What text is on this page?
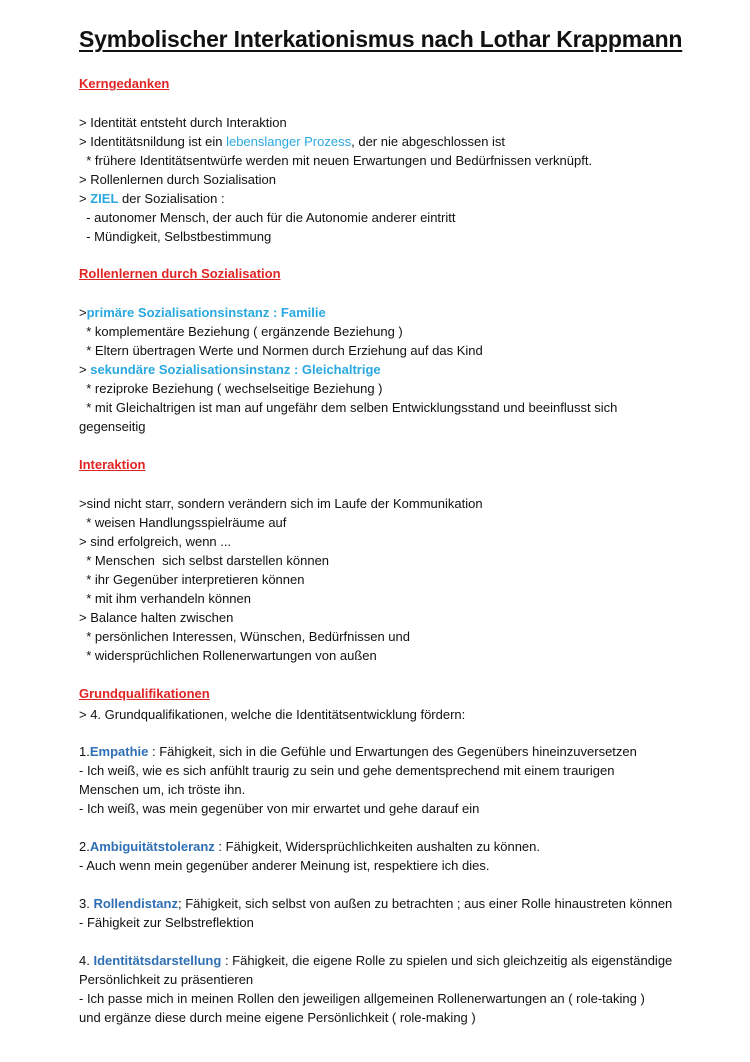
Symbolischer Interkationismus nach Lothar Krappmann
Kerngedanken
> Identität entsteht durch Interaktion
> Identitätsnildung ist ein lebenslanger Prozess, der nie abgeschlossen ist
* frühere Identitätsentwürfe werden mit neuen Erwartungen und Bedürfnissen verknüpft.
> Rollenlernen durch Sozialisation
> ZIEL der Sozialisation :
- autonomer Mensch, der auch für die Autonomie anderer eintritt
- Mündigkeit, Selbstbestimmung
Rollenlernen durch Sozialisation
>primäre Sozialisationsinstanz : Familie
* komplementäre Beziehung ( ergänzende Beziehung )
* Eltern übertragen Werte und Normen durch Erziehung auf das Kind
> sekundäre Sozialisationsinstanz : Gleichaltrige
* reziproke Beziehung ( wechselseitige Beziehung )
* mit Gleichaltrigen ist man auf ungefähr dem selben Entwicklungsstand und beeinflusst sich
gegenseitig
Interaktion
>sind nicht starr, sondern verändern sich im Laufe der Kommunikation
* weisen Handlungsspielräume auf
> sind erfolgreich, wenn ...
* Menschen  sich selbst darstellen können
* ihr Gegenüber interpretieren können
* mit ihm verhandeln können
> Balance halten zwischen
* persönlichen Interessen, Wünschen, Bedürfnissen und
* widersprüchlichen Rollenerwartungen von außen
Grundqualifikationen
> 4. Grundqualifikationen, welche die Identitätsentwicklung fördern:
1.Empathie : Fähigkeit, sich in die Gefühle und Erwartungen des Gegenübers hineinzuversetzen
- Ich weiß, wie es sich anfühlt traurig zu sein und gehe dementsprechend mit einem traurigen
Menschen um, ich tröste ihn.
- Ich weiß, was mein gegenüber von mir erwartet und gehe darauf ein
2.Ambiguitätstoleranz : Fähigkeit, Widersprüchlichkeiten aushalten zu können.
- Auch wenn mein gegenüber anderer Meinung ist, respektiere ich dies.
3. Rollendistanz; Fähigkeit, sich selbst von außen zu betrachten ; aus einer Rolle hinaustreten können
- Fähigkeit zur Selbstreflektion
4. Identitätsdarstellung : Fähigkeit, die eigene Rolle zu spielen und sich gleichzeitig als eigenständige
Persönlichkeit zu präsentieren
- Ich passe mich in meinen Rollen den jeweiligen allgemeinen Rollenerwartungen an ( role-taking )
und ergänze diese durch meine eigene Persönlichkeit ( role-making )
